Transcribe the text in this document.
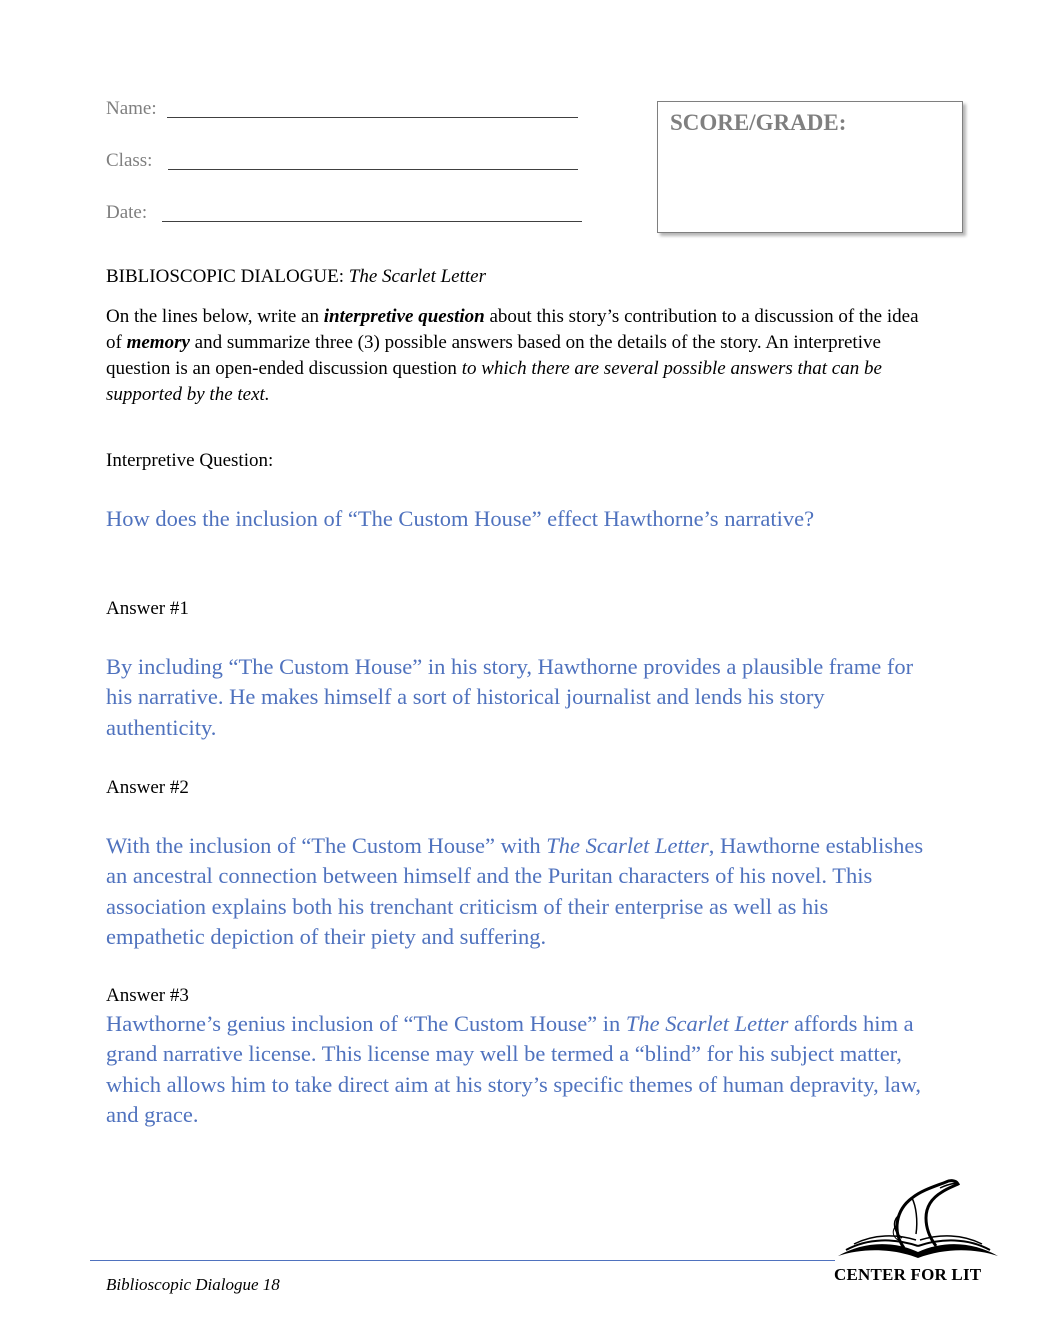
Name:
Class:
Date:
SCORE/GRADE:
BIBLIOSCOPIC DIALOGUE: The Scarlet Letter
On the lines below, write an interpretive question about this story’s contribution to a discussion of the idea of memory and summarize three (3) possible answers based on the details of the story. An interpretive question is an open-ended discussion question to which there are several possible answers that can be supported by the text.
Interpretive Question:
How does the inclusion of “The Custom House” effect Hawthorne’s narrative?
Answer #1
By including “The Custom House” in his story, Hawthorne provides a plausible frame for his narrative. He makes himself a sort of historical journalist and lends his story authenticity.
Answer #2
With the inclusion of “The Custom House” with The Scarlet Letter, Hawthorne establishes an ancestral connection between himself and the Puritan characters of his novel. This association explains both his trenchant criticism of their enterprise as well as his empathetic depiction of their piety and suffering.
Answer #3
Hawthorne’s genius inclusion of “The Custom House” in The Scarlet Letter affords him a grand narrative license. This license may well be termed a “blind” for his subject matter, which allows him to take direct aim at his story’s specific themes of human depravity, law, and grace.
Biblioscopic Dialogue 18
CENTER FOR LIT
